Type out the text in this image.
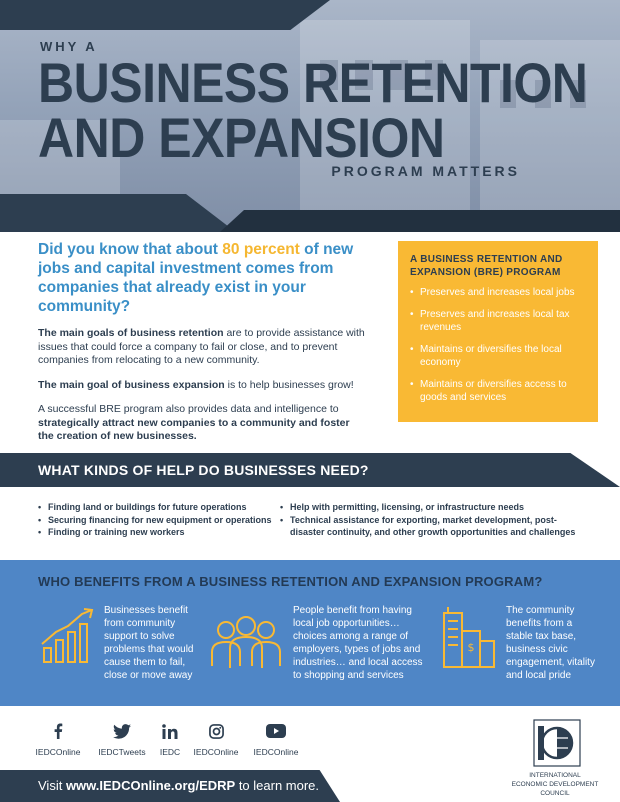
WHY A
BUSINESS RETENTION
AND EXPANSION
PROGRAM MATTERS
Did you know that about 80 percent of new jobs and capital investment comes from companies that already exist in your community?

The main goals of business retention are to provide assistance with issues that could force a company to fail or close, and to prevent companies from relocating to a new community.

The main goal of business expansion is to help businesses grow!

A successful BRE program also provides data and intelligence to strategically attract new companies to a community and foster the creation of new businesses.

A BUSINESS RETENTION AND EXPANSION (BRE) PROGRAM
• Preserves and increases local jobs
• Preserves and increases local tax revenues
• Maintains or diversifies the local economy
• Maintains or diversifies access to goods and services
WHAT KINDS OF HELP DO BUSINESSES NEED?
• Finding land or buildings for future operations
• Securing financing for new equipment or operations
• Finding or training new workers
• Help with permitting, licensing, or infrastructure needs
• Technical assistance for exporting, market development, post-disaster continuity, and other growth opportunities and challenges
WHO BENEFITS FROM A BUSINESS RETENTION AND EXPANSION PROGRAM?
Businesses benefit from community support to solve problems that would cause them to fail, close or move away
People benefit from having local job opportunities… choices among a range of employers, types of jobs and industries… and local access to shopping and services
$
The community benefits from a stable tax base, business civic engagement, vitality and local pride
IEDCOnline	IEDCTweets	IEDC	IEDCOnline	IEDCOnline
INTERNATIONAL
ECONOMIC DEVELOPMENT
COUNCIL
Visit www.IEDCOnline.org/EDRP to learn more.
